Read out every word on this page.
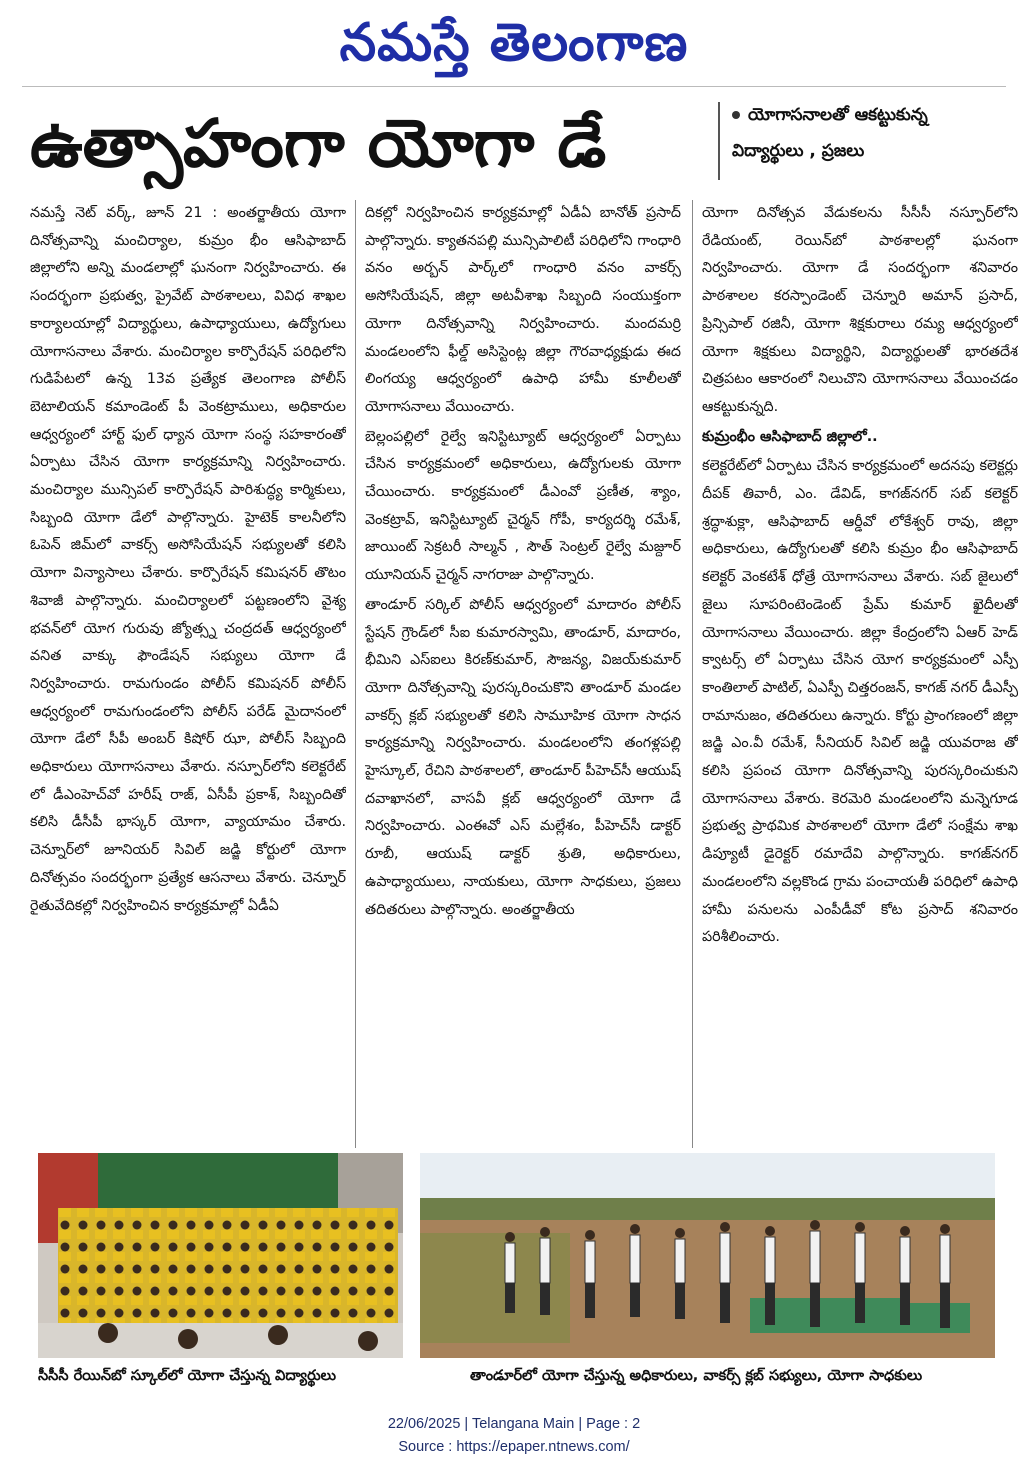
నమస్తే తెలంగాణ
ఉత్సాహంగా యోగా డే	యోగాసనాలతో ఆకట్టుకున్న
విద్యార్థులు , ప్రజలు

నమస్తే నెట్ వర్క్, జూన్ 21 : అంతర్జాతీయ యోగా దినోత్సవాన్ని మంచిర్యాల, కుమ్రం భీం ఆసిఫాబాద్ జిల్లాలోని అన్ని మండలాల్లో ఘనంగా నిర్వహించారు. ఈ సందర్భంగా ప్రభుత్వ, ప్రైవేట్ పాఠశాలలు, వివిధ శాఖల కార్యాలయాల్లో విద్యార్థులు, ఉపాధ్యాయులు, ఉద్యోగులు యోగాసనాలు వేశారు. మంచిర్యాల కార్పొరేషన్ పరిధిలోని గుడిపేటలో ఉన్న 13వ ప్రత్యేక తెలంగాణ పోలీస్ బెటాలియన్ కమాండెంట్ పీ వెంకట్రాములు, అధికారుల ఆధ్వర్యంలో హార్ట్ ఫుల్ ధ్యాన యోగా సంస్థ సహకారంతో ఏర్పాటు చేసిన యోగా కార్యక్రమాన్ని నిర్వహించారు. మంచిర్యాల మున్సిపల్ కార్పొరేషన్ పారిశుద్ధ్య కార్మికులు, సిబ్బంది యోగా డేలో పాల్గొన్నారు. హైటెక్ కాలనీలోని ఓపెన్ జిమ్‌లో వాకర్స్ అసోసియేషన్ సభ్యులతో కలిసి యోగా విన్యాసాలు చేశారు. కార్పొరేషన్ కమిషనర్ తొటం శివాజీ పాల్గొన్నారు. మంచిర్యాలలో పట్టణంలోని వైశ్య భవన్‌లో యోగ గురువు జ్యోత్స్న చంద్రదత్ ఆధ్వర్యంలో వనిత వాక్కు ఫౌండేషన్ సభ్యులు యోగా డే నిర్వహించారు. రామగుండం పోలీస్ కమిషనర్ పోలీస్ ఆధ్వర్యంలో రామగుండంలోని పోలీస్ పరేడ్ మైదానంలో యోగా డేలో సీపీ అంబర్ కిషోర్ ఝా, పోలీస్ సిబ్బంది అధికారులు యోగాసనాలు వేశారు. నస్పూర్‌లోని కలెక్టరేట్ లో డీఎంహెచ్‌వో హరీష్ రాజ్, ఏసీపీ ప్రకాశ్, సిబ్బందితో కలిసి డీసీపీ భాస్కర్ యోగా, వ్యాయామం చేశారు. చెన్నూర్‌లో జూనియర్ సివిల్ జడ్జి కోర్టులో యోగా దినోత్సవం సందర్భంగా ప్రత్యేక ఆసనాలు వేశారు. చెన్నూర్ రైతువేదికల్లో నిర్వహించిన కార్యక్రమాల్లో ఏడీఏ

దికల్లో నిర్వహించిన కార్యక్రమాల్లో ఏడీఏ బానోత్ ప్రసాద్ పాల్గొన్నారు. క్యాతనపల్లి మున్సిపాలిటీ పరిధిలోని గాంధారి వనం అర్బన్ పార్క్‌లో గాంధారి వనం వాకర్స్ అసోసియేషన్, జిల్లా అటవీశాఖ సిబ్బంది సంయుక్తంగా యోగా దినోత్సవాన్ని నిర్వహించారు. మందమర్రి మండలంలోని ఫీల్డ్ అసిస్టెంట్ల జిల్లా గౌరవాధ్యక్షుడు ఈద లింగయ్య ఆధ్వర్యంలో ఉపాధి హామీ కూలీలతో యోగాసనాలు వేయించారు.

బెల్లంపల్లిలో రైల్వే ఇనిస్టిట్యూట్ ఆధ్వర్యంలో ఏర్పాటు చేసిన కార్యక్రమంలో అధికారులు, ఉద్యోగులకు యోగా చేయించారు. కార్యక్రమంలో డీఎంవో ప్రణీత, శ్యాం, వెంకట్రావ్, ఇనిస్టిట్యూట్ చైర్మన్ గోపీ, కార్యదర్శి రమేశ్, జాయింట్ సెక్రటరీ సాల్మన్ , సౌత్ సెంట్రల్ రైల్వే మజ్దూర్ యూనియన్ చైర్మన్ నాగరాజు పాల్గొన్నారు.

తాండూర్ సర్కిల్ పోలీస్ ఆధ్వర్యంలో మాదారం పోలీస్ స్టేషన్ గ్రౌండ్‌లో సీఐ కుమారస్వామి, తాండూర్, మాదారం, భీమిని ఎస్‌ఐలు కిరణ్‌కుమార్, సౌజన్య, విజయ్‌కుమార్ యోగా దినోత్సవాన్ని పురస్కరించుకొని తాండూర్ మండల వాకర్స్ క్లబ్ సభ్యులతో కలిసి సామూహిక యోగా సాధన కార్యక్రమాన్ని నిర్వహించారు. మండలంలోని తంగళ్లపల్లి హైస్కూల్, రేచిని పాఠశాలలో, తాండూర్ పీహెచ్‌సీ ఆయుష్ దవాఖానలో, వాసవీ క్లబ్ ఆధ్వర్యంలో యోగా డే నిర్వహించారు. ఎంఈవో ఎస్ మల్లేశం, పీహెచ్‌సీ డాక్టర్ రూబీ, ఆయుష్ డాక్టర్ శ్రుతి, అధికారులు, ఉపాధ్యాయులు, నాయకులు, యోగా సాధకులు, ప్రజలు తదితరులు పాల్గొన్నారు. అంతర్జాతీయ

యోగా దినోత్సవ వేడుకలను సీసీసీ నస్పూర్‌లోని రేడియంట్, రెయిన్‌బో పాఠశాలల్లో ఘనంగా నిర్వహించారు. యోగా డే సందర్భంగా శనివారం పాఠశాలల కరస్పాండెంట్ చెన్నూరి అమాన్ ప్రసాద్, ప్రిన్సిపాల్ రజినీ, యోగా శిక్షకురాలు రమ్య ఆధ్వర్యంలో యోగా శిక్షకులు విద్యార్థిని, విద్యార్థులతో భారతదేశ చిత్రపటం ఆకారంలో నిలుచొని యోగాసనాలు వేయించడం ఆకట్టుకున్నది.

కుమ్రంభీం ఆసిఫాబాద్ జిల్లాలో..

కలెక్టరేట్‌లో ఏర్పాటు చేసిన కార్యక్రమంలో అదనపు కలెక్టర్లు దీపక్ తివారీ, ఎం. డేవిడ్, కాగజ్‌నగర్ సబ్ కలెక్టర్ శ్రద్ధాశుక్లా, ఆసిఫాబాద్ ఆర్డీవో లోకేశ్వర్ రావు, జిల్లా అధికారులు, ఉద్యోగులతో కలిసి కుమ్రం భీం ఆసిఫాబాద్ కలెక్టర్ వెంకటేశ్ ధోత్రే యోగాసనాలు వేశారు. సబ్ జైలులో జైలు సూపరింటెండెంట్ ప్రేమ్ కుమార్ ఖైదీలతో యోగాసనాలు వేయించారు. జిల్లా కేంద్రంలోని ఏఆర్ హెడ్ క్వాటర్స్ లో ఏర్పాటు చేసిన యోగ కార్యక్రమంలో ఎస్పీ కాంతిలాల్ పాటిల్, ఏఎస్పీ చిత్తరంజన్, కాగజ్ నగర్ డీఎస్పీ రామానుజం, తదితరులు ఉన్నారు. కోర్టు ప్రాంగణంలో జిల్లా జడ్జి ఎం.వీ రమేశ్, సీనియర్ సివిల్ జడ్జి యువరాజ తో కలిసి ప్రపంచ యోగా దినోత్సవాన్ని పురస్కరించుకుని యోగాసనాలు వేశారు. కెరమెరి మండలంలోని మన్నెగూడ ప్రభుత్వ ప్రాథమిక పాఠశాలలో యోగా డేలో సంక్షేమ శాఖ డిప్యూటీ డైరెక్టర్ రమాదేవి పాల్గొన్నారు. కాగజ్‌నగర్ మండలంలోని వల్లకొండ గ్రామ పంచాయతీ పరిధిలో ఉపాధి హామీ పనులను ఎంపీడీవో కోట ప్రసాద్ శనివారం పరిశీలించారు.

సీసీసీ రేయిన్‌బో స్కూల్‌లో యోగా చేస్తున్న విద్యార్థులు	తాండూర్‌లో యోగా చేస్తున్న అధికారులు, వాకర్స్ క్లబ్ సభ్యులు, యోగా సాధకులు
22/06/2025 | Telangana Main | Page : 2
Source : https://epaper.ntnews.com/
